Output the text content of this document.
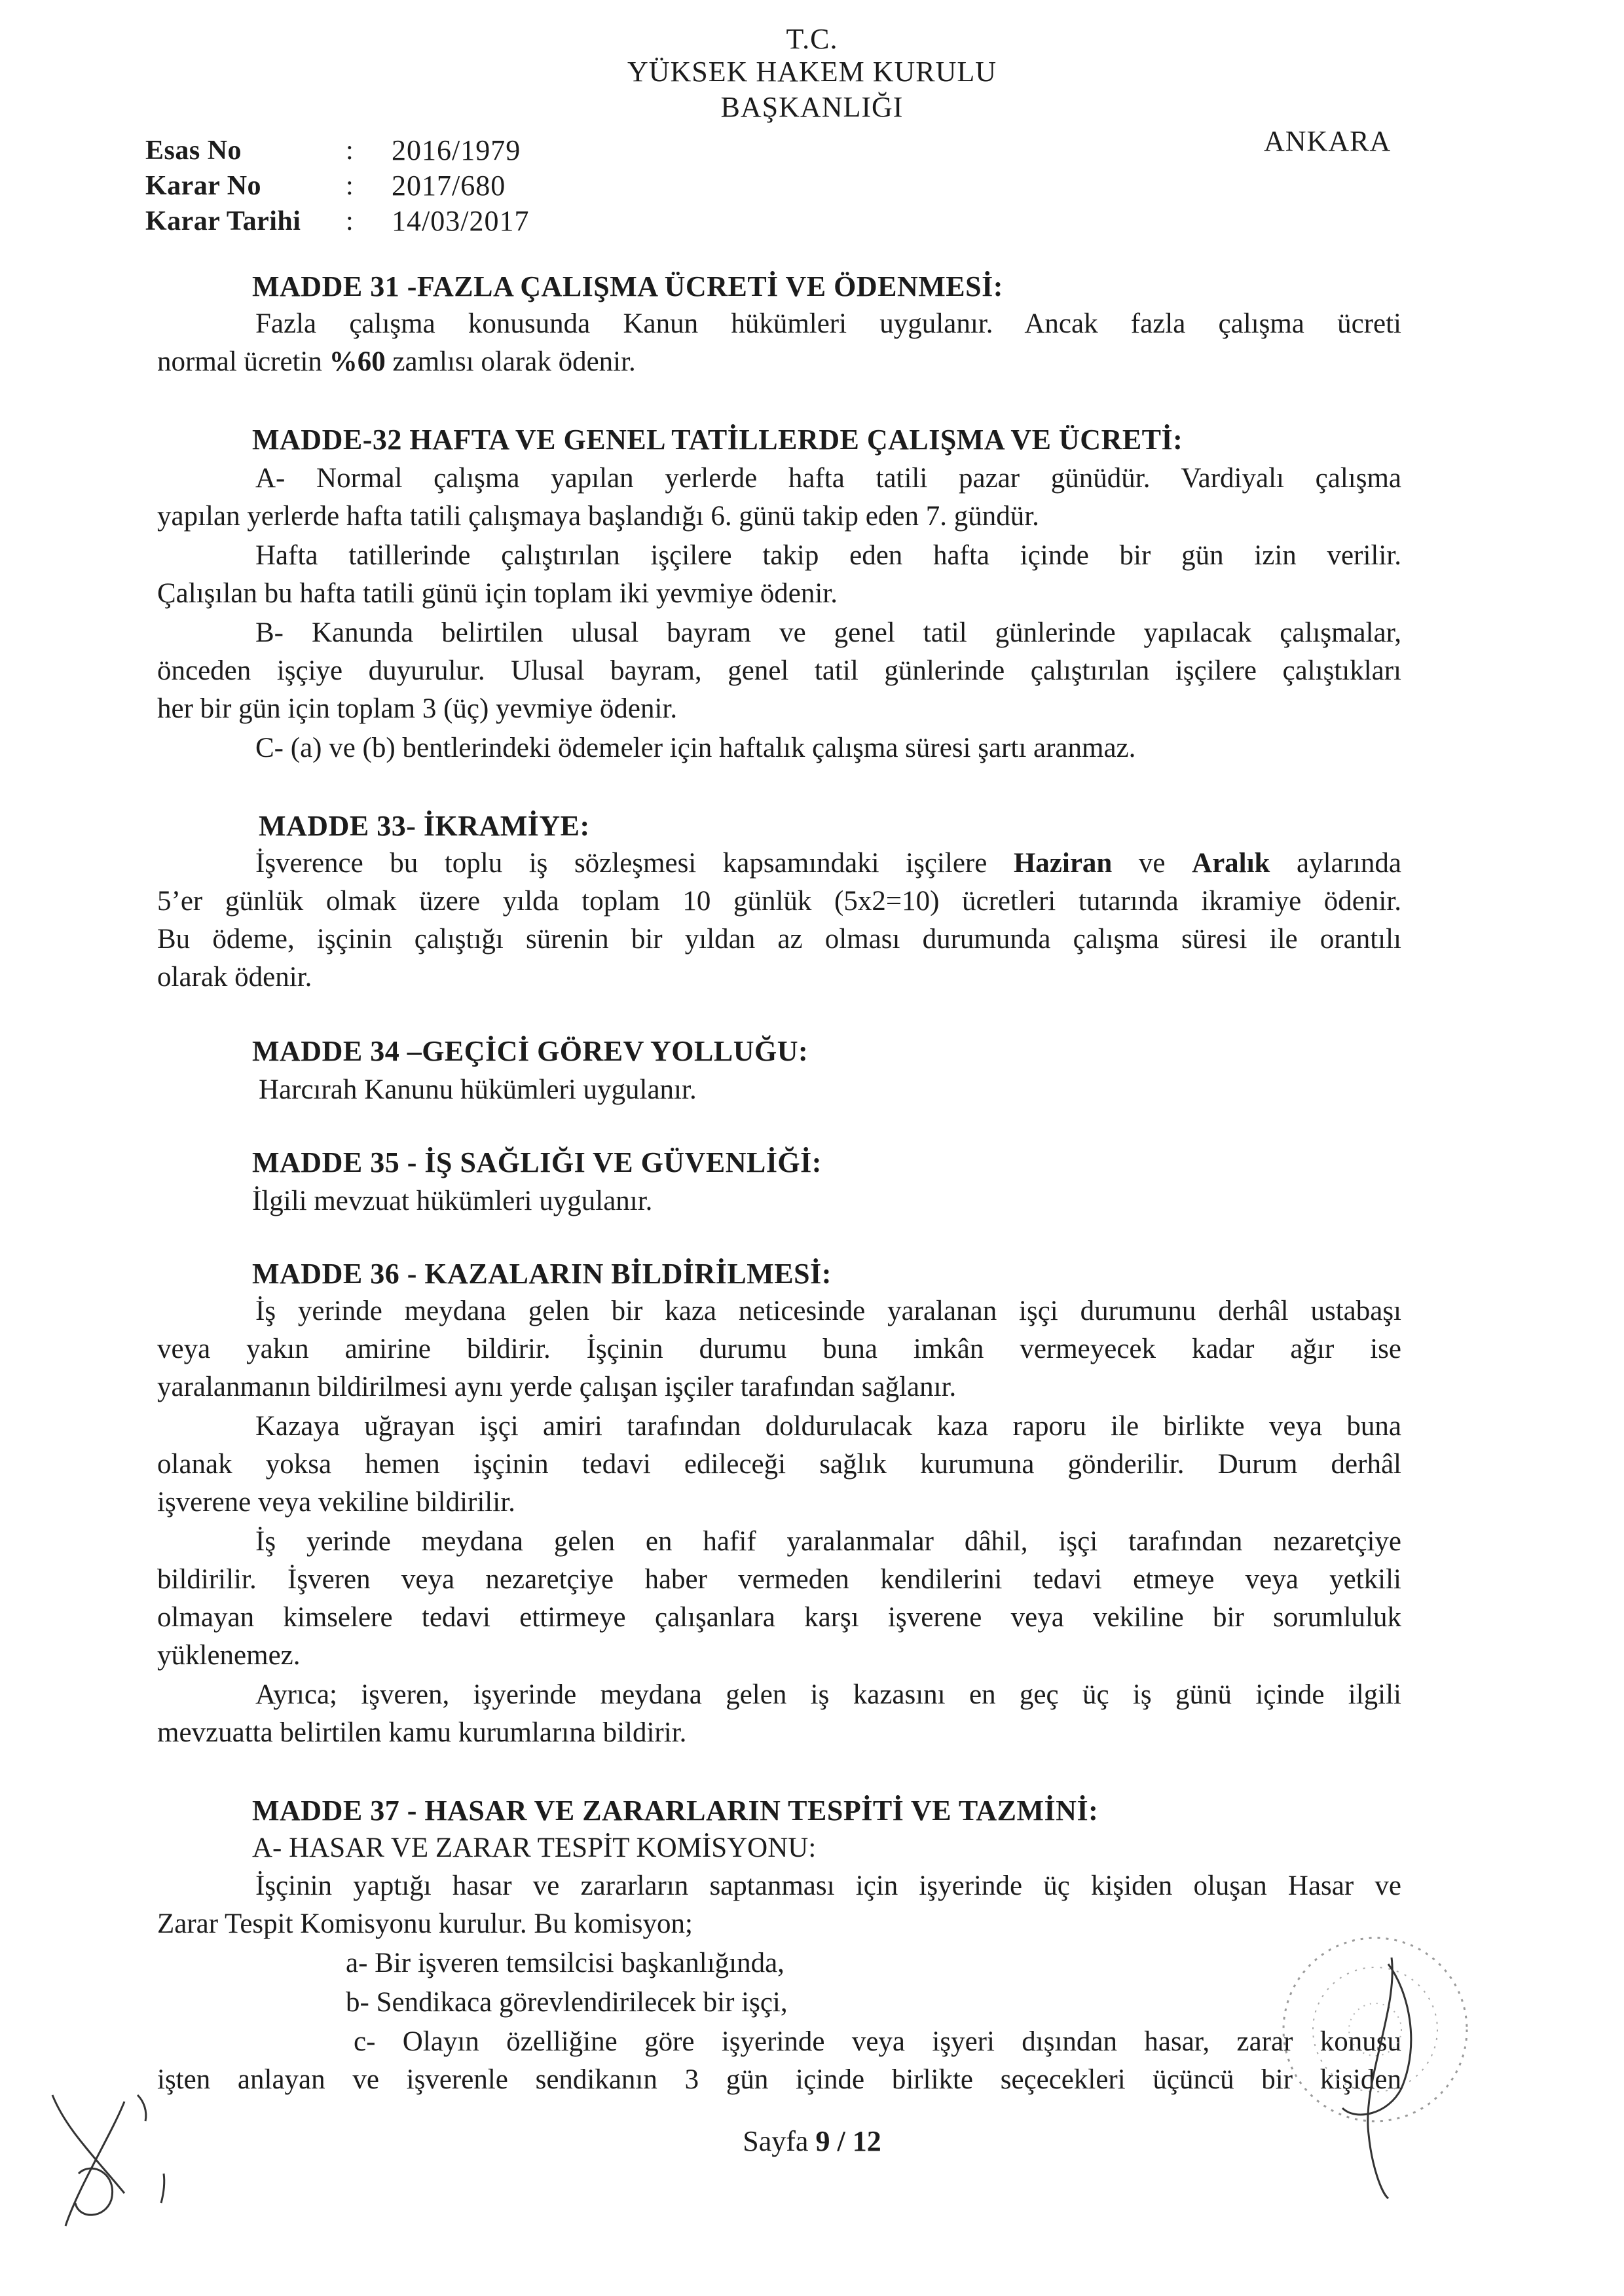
T.C.
YÜKSEK HAKEM KURULU
BAŞKANLIĞI
ANKARA
Esas No	: 2016/1979
Karar No	: 2017/680
Karar Tarihi : 14/03/2017
MADDE 31 -FAZLA ÇALIŞMA ÜCRETİ VE ÖDENMESİ:
Fazla çalışma konusunda Kanun hükümleri uygulanır. Ancak fazla çalışma ücreti
normal ücretin %60 zamlısı olarak ödenir.
MADDE-32 HAFTA VE GENEL TATİLLERDE ÇALIŞMA VE ÜCRETİ:
A- Normal çalışma yapılan yerlerde hafta tatili pazar günüdür. Vardiyalı çalışma
yapılan yerlerde hafta tatili çalışmaya başlandığı 6. günü takip eden 7. gündür.
Hafta tatillerinde çalıştırılan işçilere takip eden hafta içinde bir gün izin verilir.
Çalışılan bu hafta tatili günü için toplam iki yevmiye ödenir.
B- Kanunda belirtilen ulusal bayram ve genel tatil günlerinde yapılacak çalışmalar,
önceden işçiye duyurulur. Ulusal bayram, genel tatil günlerinde çalıştırılan işçilere çalıştıkları
her bir gün için toplam 3 (üç) yevmiye ödenir.
C- (a) ve (b) bentlerindeki ödemeler için haftalık çalışma süresi şartı aranmaz.
MADDE 33- İKRAMİYE:
İşverence bu toplu iş sözleşmesi kapsamındaki işçilere Haziran ve Aralık aylarında
5’er günlük olmak üzere yılda toplam 10 günlük (5x2=10) ücretleri tutarında ikramiye ödenir.
Bu ödeme, işçinin çalıştığı sürenin bir yıldan az olması durumunda çalışma süresi ile orantılı
olarak ödenir.
MADDE 34 –GEÇİCİ GÖREV YOLLUĞU:
Harcırah Kanunu hükümleri uygulanır.
MADDE 35 - İŞ SAĞLIĞI VE GÜVENLİĞİ:
İlgili mevzuat hükümleri uygulanır.
MADDE 36 - KAZALARIN BİLDİRİLMESİ:
İş yerinde meydana gelen bir kaza neticesinde yaralanan işçi durumunu derhâl ustabaşı
veya yakın amirine bildirir. İşçinin durumu buna imkân vermeyecek kadar ağır ise
yaralanmanın bildirilmesi aynı yerde çalışan işçiler tarafından sağlanır.
Kazaya uğrayan işçi amiri tarafından doldurulacak kaza raporu ile birlikte veya buna
olanak yoksa hemen işçinin tedavi edileceği sağlık kurumuna gönderilir. Durum derhâl
işverene veya vekiline bildirilir.
İş yerinde meydana gelen en hafif yaralanmalar dâhil, işçi tarafından nezaretçiye
bildirilir. İşveren veya nezaretçiye haber vermeden kendilerini tedavi etmeye veya yetkili
olmayan kimselere tedavi ettirmeye çalışanlara karşı işverene veya vekiline bir sorumluluk
yüklenemez.
Ayrıca; işveren, işyerinde meydana gelen iş kazasını en geç üç iş günü içinde ilgili
mevzuatta belirtilen kamu kurumlarına bildirir.
MADDE 37 - HASAR VE ZARARLARIN TESPİTİ VE TAZMİNİ:
A- HASAR VE ZARAR TESPİT KOMİSYONU:
İşçinin yaptığı hasar ve zararların saptanması için işyerinde üç kişiden oluşan Hasar ve
Zarar Tespit Komisyonu kurulur. Bu komisyon;
a- Bir işveren temsilcisi başkanlığında,
b- Sendikaca görevlendirilecek bir işçi,
c- Olayın özelliğine göre işyerinde veya işyeri dışından hasar, zarar konusu
işten anlayan ve işverenle sendikanın 3 gün içinde birlikte seçecekleri üçüncü bir kişiden
Sayfa 9 / 12
